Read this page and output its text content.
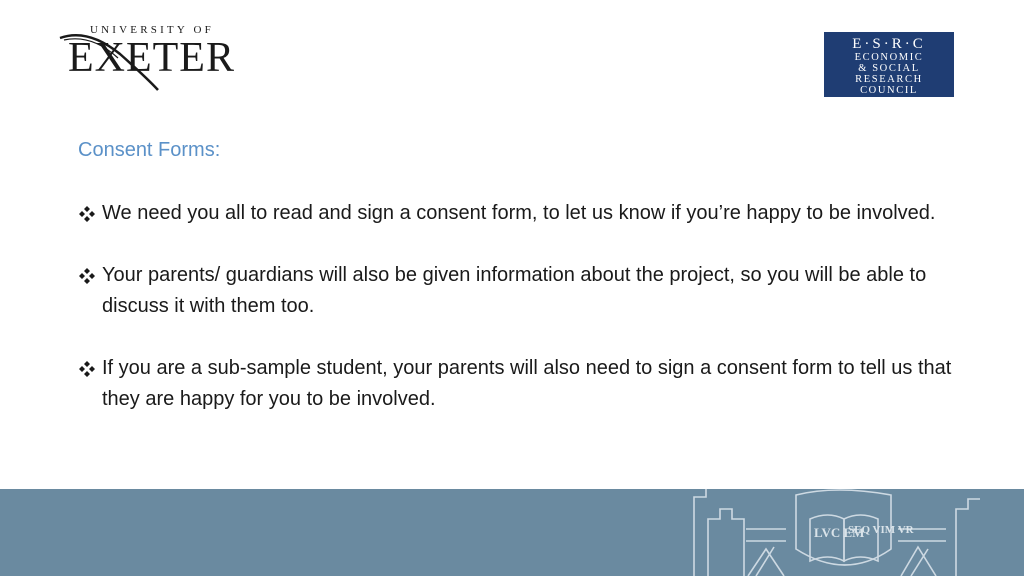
UNIVERSITY OF
EXETER	E·S·R·C
ECONOMIC
& SOCIAL
RESEARCH
COUNCIL
Consent Forms:
We need you all to read and sign a consent form, to let us know if you’re happy to be involved.
Your parents/ guardians will also be given information about the project, so you will be able to discuss it with them too.
If you are a sub-sample student, your parents will also need to sign a consent form to tell us that they are happy for you to be involved.
LVC EM
SEQ VIM VR
